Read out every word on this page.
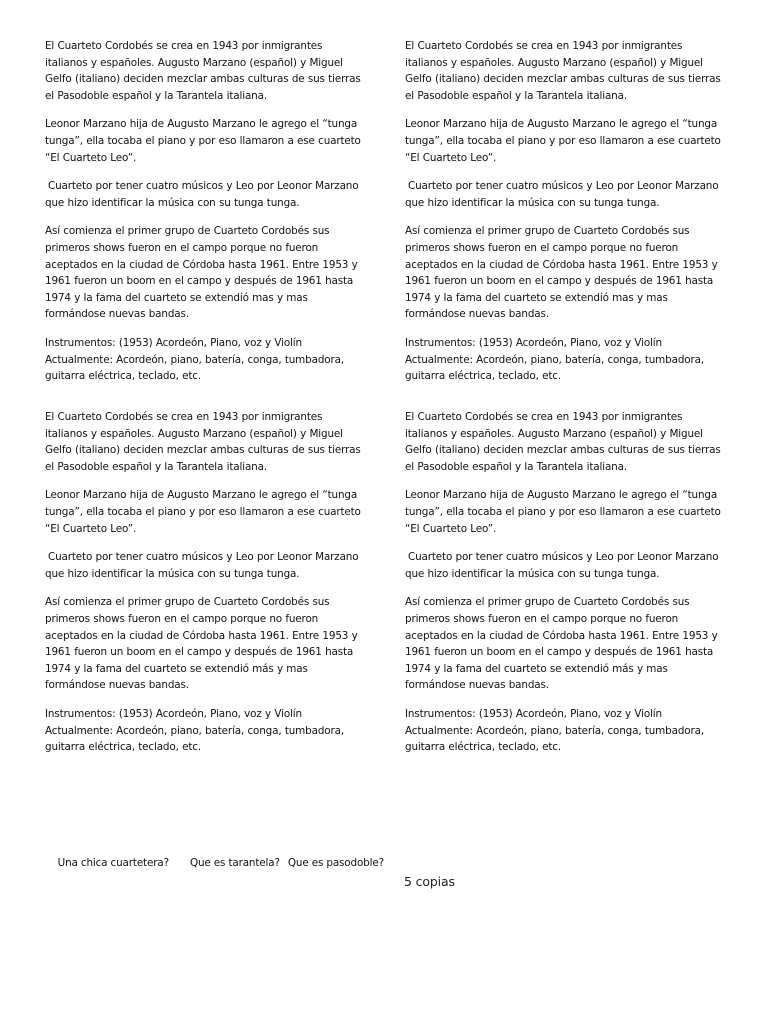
El Cuarteto Cordobés se crea en 1943 por inmigrantes italianos y españoles. Augusto Marzano (español) y Miguel Gelfo (italiano) deciden mezclar ambas culturas de sus tierras el Pasodoble español y la Tarantela italiana.

Leonor Marzano hija de Augusto Marzano le agrego el “tunga tunga”, ella tocaba el piano y por eso llamaron a ese cuarteto “El Cuarteto Leo”.

Cuarteto por tener cuatro músicos y Leo por Leonor Marzano que hizo identificar la música con su tunga tunga.

Así comienza el primer grupo de Cuarteto Cordobés sus primeros shows fueron en el campo porque no fueron aceptados en la ciudad de Córdoba hasta 1961. Entre 1953 y 1961 fueron un boom en el campo y después de 1961 hasta 1974 y la fama del cuarteto se extendió mas y mas formándose nuevas bandas.

Instrumentos: (1953) Acordeón, Piano, voz y Violín Actualmente: Acordeón, piano, batería, conga, tumbadora, guitarra eléctrica, teclado, etc.

El Cuarteto Cordobés se crea en 1943 por inmigrantes italianos y españoles. Augusto Marzano (español) y Miguel Gelfo (italiano) deciden mezclar ambas culturas de sus tierras el Pasodoble español y la Tarantela italiana.

Leonor Marzano hija de Augusto Marzano le agrego el “tunga tunga”, ella tocaba el piano y por eso llamaron a ese cuarteto “El Cuarteto Leo”.

Cuarteto por tener cuatro músicos y Leo por Leonor Marzano que hizo identificar la música con su tunga tunga.

Así comienza el primer grupo de Cuarteto Cordobés sus primeros shows fueron en el campo porque no fueron aceptados en la ciudad de Córdoba hasta 1961. Entre 1953 y 1961 fueron un boom en el campo y después de 1961 hasta 1974 y la fama del cuarteto se extendió mas y mas formándose nuevas bandas.

Instrumentos: (1953) Acordeón, Piano, voz y Violín Actualmente: Acordeón, piano, batería, conga, tumbadora, guitarra eléctrica, teclado, etc.

El Cuarteto Cordobés se crea en 1943 por inmigrantes italianos y españoles. Augusto Marzano (español) y Miguel Gelfo (italiano) deciden mezclar ambas culturas de sus tierras el Pasodoble español y la Tarantela italiana.

Leonor Marzano hija de Augusto Marzano le agrego el “tunga tunga”, ella tocaba el piano y por eso llamaron a ese cuarteto “El Cuarteto Leo”.

Cuarteto por tener cuatro músicos y Leo por Leonor Marzano que hizo identificar la música con su tunga tunga.

Así comienza el primer grupo de Cuarteto Cordobés sus primeros shows fueron en el campo porque no fueron aceptados en la ciudad de Córdoba hasta 1961. Entre 1953 y 1961 fueron un boom en el campo y después de 1961 hasta 1974 y la fama del cuarteto se extendió más y mas formándose nuevas bandas.

Instrumentos: (1953) Acordeón, Piano, voz y Violín Actualmente: Acordeón, piano, batería, conga, tumbadora, guitarra eléctrica, teclado, etc.

El Cuarteto Cordobés se crea en 1943 por inmigrantes italianos y españoles. Augusto Marzano (español) y Miguel Gelfo (italiano) deciden mezclar ambas culturas de sus tierras el Pasodoble español y la Tarantela italiana.

Leonor Marzano hija de Augusto Marzano le agrego el “tunga tunga”, ella tocaba el piano y por eso llamaron a ese cuarteto “El Cuarteto Leo”.

Cuarteto por tener cuatro músicos y Leo por Leonor Marzano que hizo identificar la música con su tunga tunga.

Así comienza el primer grupo de Cuarteto Cordobés sus primeros shows fueron en el campo porque no fueron aceptados en la ciudad de Córdoba hasta 1961. Entre 1953 y 1961 fueron un boom en el campo y después de 1961 hasta 1974 y la fama del cuarteto se extendió más y mas formándose nuevas bandas.

Instrumentos: (1953) Acordeón, Piano, voz y Violín Actualmente: Acordeón, piano, batería, conga, tumbadora, guitarra eléctrica, teclado, etc.

Una chica cuartetera? Que es tarantela? Que es pasodoble?

5 copias
